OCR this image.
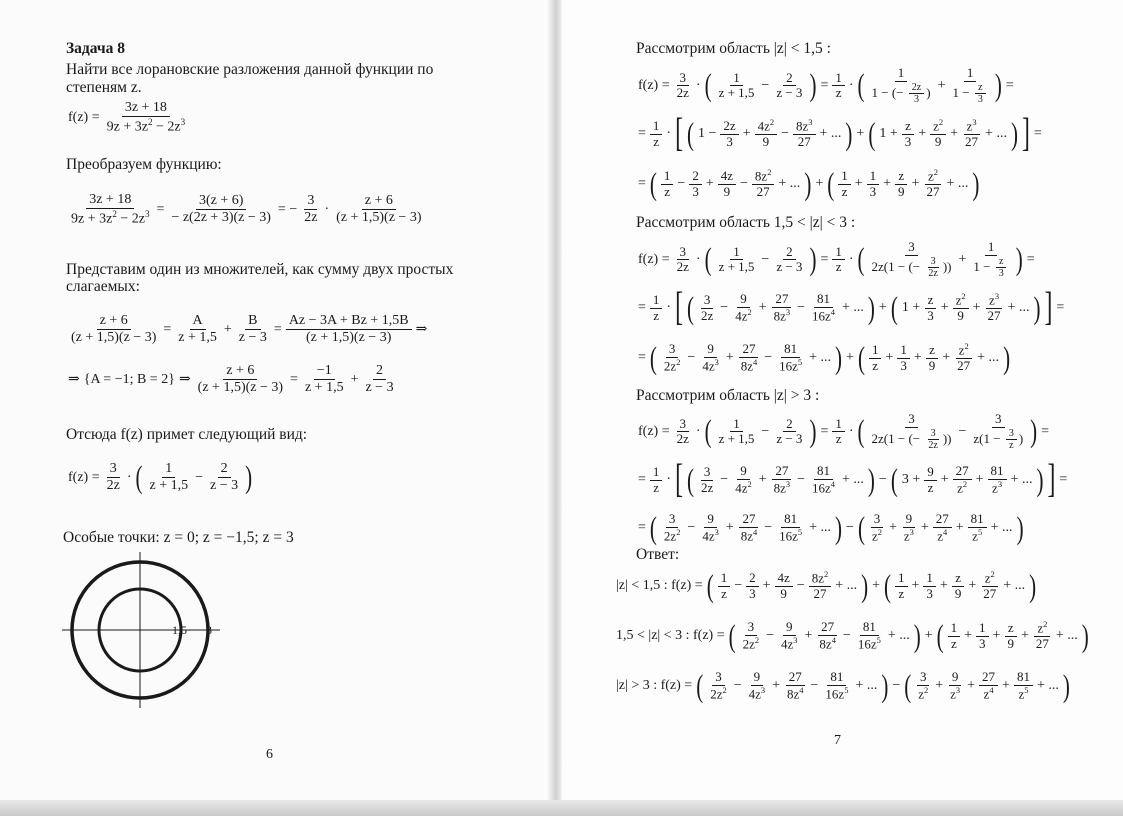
Задача 8
Найти все лорановские разложения данной функции по
степеням z.
$f(z) = \frac{3z + 18}{9z + 3z^2 - 2z^3}$
Преобразуем функцию:
$\frac{3z + 18}{9z + 3z^2 - 2z^3} = \frac{3(z + 6)}{- z(2z + 3)(z - 3)}$ = − $\frac{3}{2z}$ ·
z + 6
(z + 1,5)(z − 3)
Представим один из множителей, как сумму двух простых
слагаемых:
$\frac{z + 6}{(z + 1,5)(z - 3)} = \frac{A}{z + 1,5} + \frac{B}{z - 3} = \frac{Az - 3A + Bz + 1,5B}{(z + 1,5)(z - 3)}$ ⇒
⇒ {A = −1; B = 2} ⇒ $\frac{z + 6}{(z + 1,5)(z - 3)} = \frac{-1}{z + 1,5} + \frac{2}{z - 3}$
Отсюда f(z) примет следующий вид:
$f(z) = \frac{3}{2z}$ · ( 1
z + 1,5
− $\frac{2}{z - 3}$ )
Особые точки: z = 0; z = −1,5; z = 3
1,5 3
6
Рассмотрим область |z| < 1,5 :
$f(z) = \frac{3}{2z}$ · ( 1
$z + 1,5 - \frac{2}{z - 3}$ ) = $\frac{1}{z}$ · (	1
1 − (− $\frac{2z}{3}$ ) + $\frac{1}{1 - \frac{z}{3}}$ ) =
= $\frac{1}{z}$ · [ ( $1 - \frac{2z}{3} + \frac{4z^2}{9} - \frac{8z^3}{27}$ + ... ) + ( $1 + \frac{z}{3} + \frac{z^2}{9} + \frac{z^3}{27}$ + ... ) ] =
= ( 1
$z - \frac{2}{3} + \frac{4z}{9} - \frac{8z^2}{27}$ + ... ) + ( 1
$z + \frac{1}{3} + \frac{z}{9} + \frac{z^2}{27}$ + ... )
Рассмотрим область 1,5 < |z| < 3 :
$f(z) = \frac{3}{2z}$ · ( 1
$z + 1,5 - \frac{2}{z - 3}$ ) = $\frac{1}{z}$ · (	3
2z(1 − (− $\frac{3}{2z}$ )) + $\frac{1}{1 - \frac{z}{3}}$ ) =
= $\frac{1}{z}$ · [ ( 3
$2z - \frac{9}{4z^2} + \frac{27}{8z^3} - \frac{81}{16z^4}$ + ... ) + ( $1 + \frac{z}{3} + \frac{z^2}{9} + \frac{z^3}{27}$ + ... ) ] =
= ( 3
$2z^2 - \frac{9}{4z^3} + \frac{27}{8z^4} - \frac{81}{16z^5}$ + ... ) + ( 1
$z + \frac{1}{3} + \frac{z}{9} + \frac{z^2}{27}$ + ... )
Рассмотрим область |z| > 3 :
$f(z) = \frac{3}{2z}$ · ( 1
$z + 1,5 - \frac{2}{z - 3}$ ) = $\frac{1}{z}$ · (	3
2z(1 − (− $\frac{3}{2z}$ )) − $\frac{3}{z(1 - \frac{3}{z} )}$ ) =
= $\frac{1}{z}$ · [ ( 3
$2z - \frac{9}{4z^2} + \frac{27}{8z^3} - \frac{81}{16z^4}$ + ... ) − ( $3 + \frac{9}{z} + \frac{27}{z^2} + \frac{81}{z^3}$ + ... ) ] =
= ( 3
$2z^2 - \frac{9}{4z^3} + \frac{27}{8z^4} - \frac{81}{16z^5}$ + ... ) − ( 3
$z^2 + \frac{9}{z^3} + \frac{27}{z^4} + \frac{81}{z^5}$ + ... )
Ответ:
|z| < 1,5 : f(z) = ( 1
$z - \frac{2}{3} + \frac{4z}{9} - \frac{8z^2}{27}$ + ... ) + ( 1
$z + \frac{1}{3} + \frac{z}{9} + \frac{z^2}{27}$ + ... )
1,5 < |z| < 3 : f(z) = ( 3
$2z^2 - \frac{9}{4z^3} + \frac{27}{8z^4} - \frac{81}{16z^5}$ + ... ) + ( 1
$z + \frac{1}{3} + \frac{z}{9} + \frac{z^2}{27}$ + ... )
|z| > 3 : f(z) = ( 3
$2z^2 - \frac{9}{4z^3} + \frac{27}{8z^4} - \frac{81}{16z^5}$ + ... ) − ( 3
$z^2 + \frac{9}{z^3} + \frac{27}{z^4} + \frac{81}{z^5}$ + ... )
7
